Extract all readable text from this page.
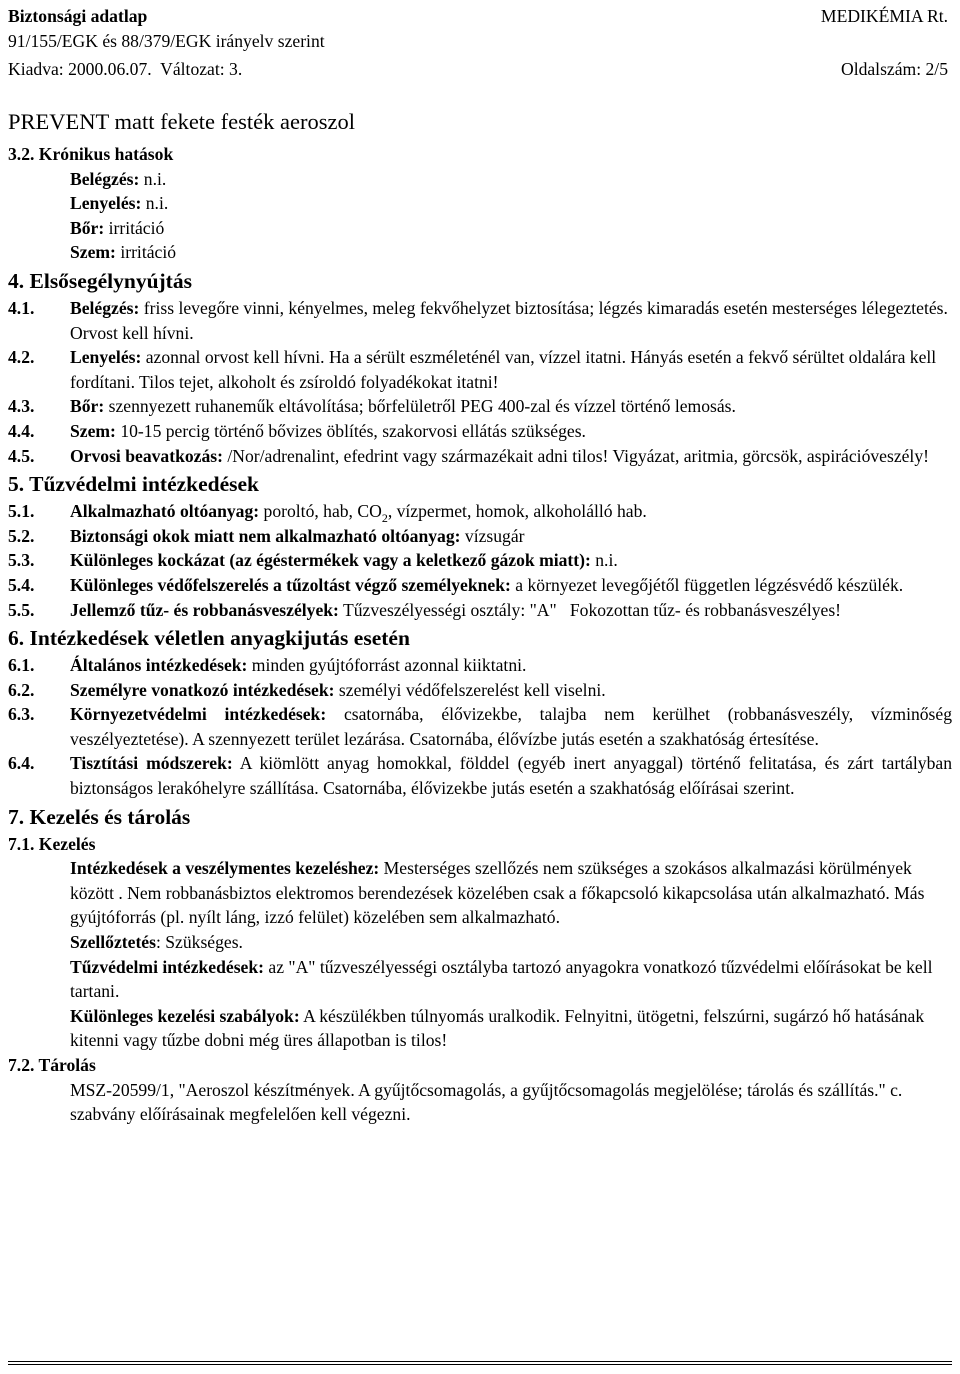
Biztonsági adatlap	MEDIKÉMIA Rt.
91/155/EGK és 88/379/EGK irányelv szerint
Kiadva: 2000.06.07. Változat: 3.	Oldalszám: 2/5
PREVENT matt fekete festék aeroszol

3.2. Krónikus hatások

Belégzés: n.i.

Lenyelés: n.i.

Bőr: irritáció

Szem: irritáció

4. Elsősegélynyújtás

4.1.	Belégzés: friss levegőre vinni, kényelmes, meleg fekvőhelyzet biztosítása; légzés kimaradás esetén mesterséges lélegeztetés. Orvost kell hívni.
4.2.	Lenyelés: azonnal orvost kell hívni. Ha a sérült eszméleténél van, vízzel itatni. Hányás esetén a fekvő sérültet oldalára kell fordítani. Tilos tejet, alkoholt és zsíroldó folyadékokat itatni!
4.3.	Bőr: szennyezett ruhaneműk eltávolítása; bőrfelületről PEG 400-zal és vízzel történő lemosás.
4.4.	Szem: 10-15 percig történő bővizes öblítés, szakorvosi ellátás szükséges.
4.5.	Orvosi beavatkozás: /Nor/adrenalint, efedrint vagy származékait adni tilos! Vigyázat, aritmia, görcsök, aspirációveszély!

5. Tűzvédelmi intézkedések

5.1.	Alkalmazható oltóanyag: poroltó, hab, $CO_2$, vízpermet, homok, alkoholálló hab.
5.2.	Biztonsági okok miatt nem alkalmazható oltóanyag: vízsugár
5.3.	Különleges kockázat (az égéstermékek vagy a keletkező gázok miatt): n.i.
5.4.	Különleges védőfelszerelés a tűzoltást végző személyeknek: a környezet levegőjétől független légzésvédő készülék.
5.5.	Jellemző tűz- és robbanásveszélyek: Tűzveszélyességi osztály: "A"   Fokozottan tűz- és robbanásveszélyes!

6. Intézkedések véletlen anyagkijutás esetén

6.1.	Általános intézkedések: minden gyújtóforrást azonnal kiiktatni.
6.2.	Személyre vonatkozó intézkedések: személyi védőfelszerelést kell viselni.
6.3.	Környezetvédelmi intézkedések: csatornába, élővizekbe, talajba nem kerülhet (robbanásveszély, vízminőség veszélyeztetése). A szennyezett terület lezárása. Csatornába, élővízbe jutás esetén a szakhatóság értesítése.
6.4.	Tisztítási módszerek: A kiömlött anyag homokkal, földdel (egyéb inert anyaggal) történő felitatása, és zárt tartályban biztonságos lerakóhelyre szállítása. Csatornába, élővizekbe jutás esetén a szakhatóság előírásai szerint.

7. Kezelés és tárolás

7.1. Kezelés

Intézkedések a veszélymentes kezeléshez: Mesterséges szellőzés nem szükséges a szokásos alkalmazási körülmények között . Nem robbanásbiztos elektromos berendezések közelében csak a főkapcsoló kikapcsolása után alkalmazható. Más gyújtóforrás (pl. nyílt láng, izzó felület) közelében sem alkalmazható.

Szellőztetés: Szükséges.

Tűzvédelmi intézkedések: az "A" tűzveszélyességi osztályba tartozó anyagokra vonatkozó tűzvédelmi előírásokat be kell tartani.

Különleges kezelési szabályok: A készülékben túlnyomás uralkodik. Felnyitni, ütögetni, felszúrni, sugárzó hő hatásának kitenni vagy tűzbe dobni még üres állapotban is tilos!

7.2. Tárolás

MSZ-20599/1, "Aeroszol készítmények. A gyűjtőcsomagolás, a gyűjtőcsomagolás megjelölése; tárolás és szállítás." c. szabvány előírásainak megfelelően kell végezni.
